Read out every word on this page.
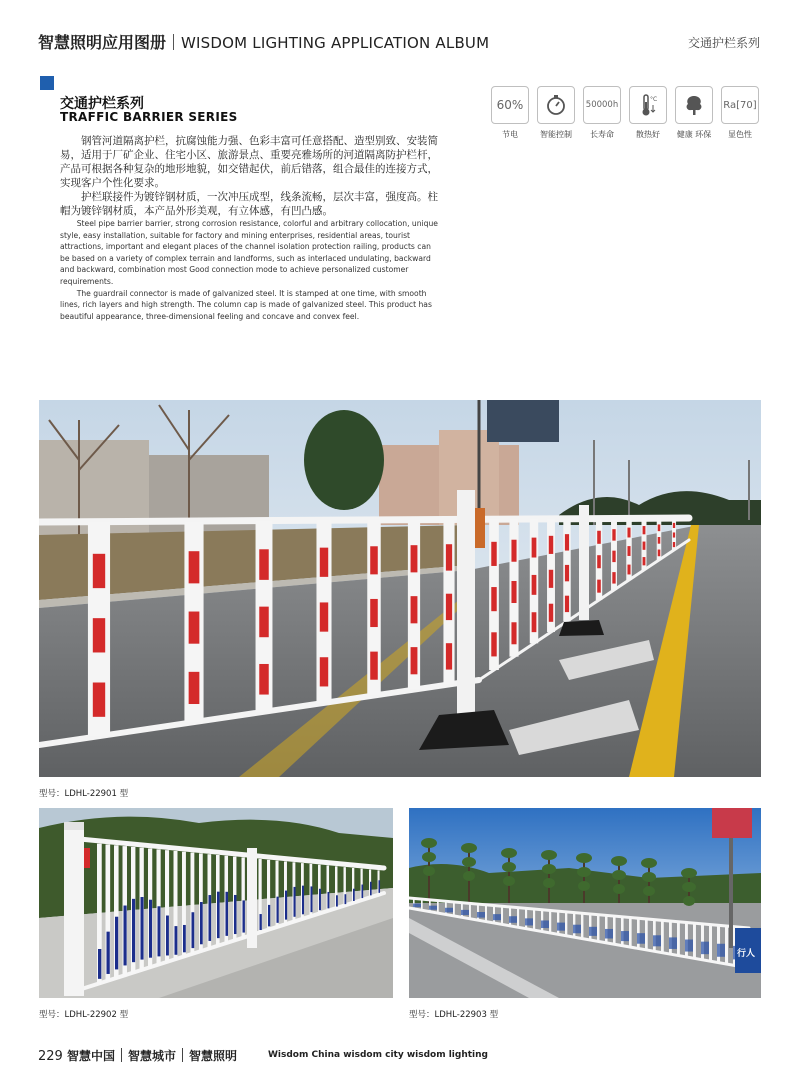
智慧照明应用图册 WISDOM LIGHTING APPLICATION ALBUM	交通护栏系列
交通护栏系列
TRAFFIC BARRIER SERIES
60%
节电	智能控制
50000h
长寿命
°C
散热好	健康 环保
Ra[70]
显色性

钢管河道隔离护栏，抗腐蚀能力强、色彩丰富可任意搭配、造型别致、安装简易，适用于厂矿企业、住宅小区、旅游景点、重要亮雅场所的河道隔离防护栏杆，产品可根据各种复杂的地形地貌，如交错起伏，前后错落，组合最佳的连接方式，实现客户个性化要求。

护栏联接件为镀锌钢材质，一次冲压成型，线条流畅，层次丰富，强度高。柱帽为镀锌钢材质，本产品外形美观，有立体感，有凹凸感。

Steel pipe barrier barrier, strong corrosion resistance, colorful and arbitrary collocation, unique style, easy installation, suitable for factory and mining enterprises, residential areas, tourist attractions, important and elegant places of the channel isolation protection railing, products can be based on a variety of complex terrain and landforms, such as interlaced undulating, backward and backward, combination most Good connection mode to achieve personalized customer requirements.

The guardrail connector is made of galvanized steel. It is stamped at one time, with smooth lines, rich layers and high strength. The column cap is made of galvanized steel. This product has beautiful appearance, three-dimensional feeling and concave and convex feel.

型号：LDHL-22901 型
型号：LDHL-22902 型
行人
型号：LDHL-22903 型
229 智慧中国 智慧城市 智慧照明	Wisdom China wisdom city wisdom lighting
